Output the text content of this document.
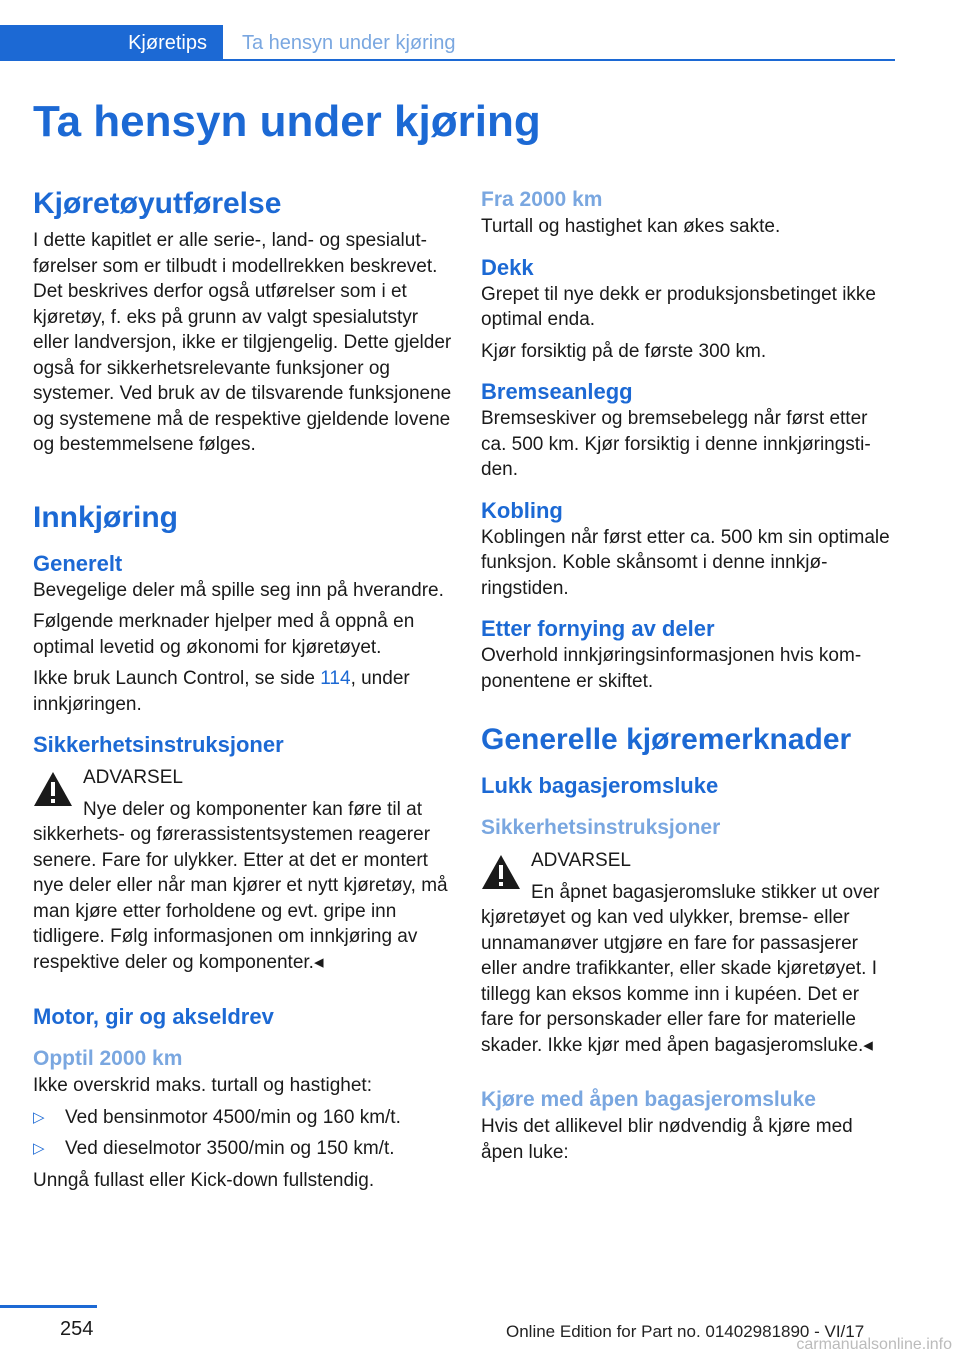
Kjøretips	Ta hensyn under kjøring
Ta hensyn under kjøring
Kjøretøyutførelse

I dette kapitlet er alle serie-, land- og spesialutførelser som er tilbudt i modellrekken beskrevet. Det beskrives derfor også utførelser som i et kjøretøy, f. eks på grunn av valgt spesialutstyr eller landversjon, ikke er tilgjengelig. Dette gjelder også for sikkerhetsrelevante funksjoner og systemer. Ved bruk av de tilsvarende funksjonene og systemene må de respektive gjeldende lovene og bestemmelsene følges.

Innkjøring
Generelt

Bevegelige deler må spille seg inn på hverandre.

Følgende merknader hjelper med å oppnå en optimal levetid og økonomi for kjøretøyet.

Ikke bruk Launch Control, se side 114, under innkjøringen.

Sikkerhetsinstruksjoner
ADVARSEL

Nye deler og komponenter kan føre til at sikkerhets- og førerassistentsystemen reagerer senere. Fare for ulykker. Etter at det er montert nye deler eller når man kjører et nytt kjøretøy, må man kjøre etter forholdene og evt. gripe inn tidligere. Følg informasjonen om innkjøring av respektive deler og komponenter.◂

Motor, gir og akseldrev
Opptil 2000 km

Ikke overskrid maks. turtall og hastighet:

▷ Ved bensinmotor 4500/min og 160 km/t.
▷ Ved dieselmotor 3500/min og 150 km/t.

Unngå fullast eller Kick-down fullstendig.

Fra 2000 km

Turtall og hastighet kan økes sakte.

Dekk

Grepet til nye dekk er produksjonsbetinget ikke optimal enda.

Kjør forsiktig på de første 300 km.

Bremseanlegg

Bremseskiver og bremsebelegg når først etter ca. 500 km. Kjør forsiktig i denne innkjøringstiden.

Kobling

Koblingen når først etter ca. 500 km sin optimale funksjon. Koble skånsomt i denne innkjøringstiden.

Etter fornying av deler

Overhold innkjøringsinformasjonen hvis komponentene er skiftet.

Generelle kjøremerknader
Lukk bagasjeromsluke
Sikkerhetsinstruksjoner
ADVARSEL

En åpnet bagasjeromsluke stikker ut over kjøretøyet og kan ved ulykker, bremse- eller unnamanøver utgjøre en fare for passasjerer eller andre trafikkanter, eller skade kjøretøyet. I tillegg kan eksos komme inn i kupéen. Det er fare for personskader eller fare for materielle skader. Ikke kjør med åpen bagasjeromsluke.◂

Kjøre med åpen bagasjeromsluke

Hvis det allikevel blir nødvendig å kjøre med åpen luke:

254	Online Edition for Part no. 01402981890 - VI/17
carmanualsonline.info
